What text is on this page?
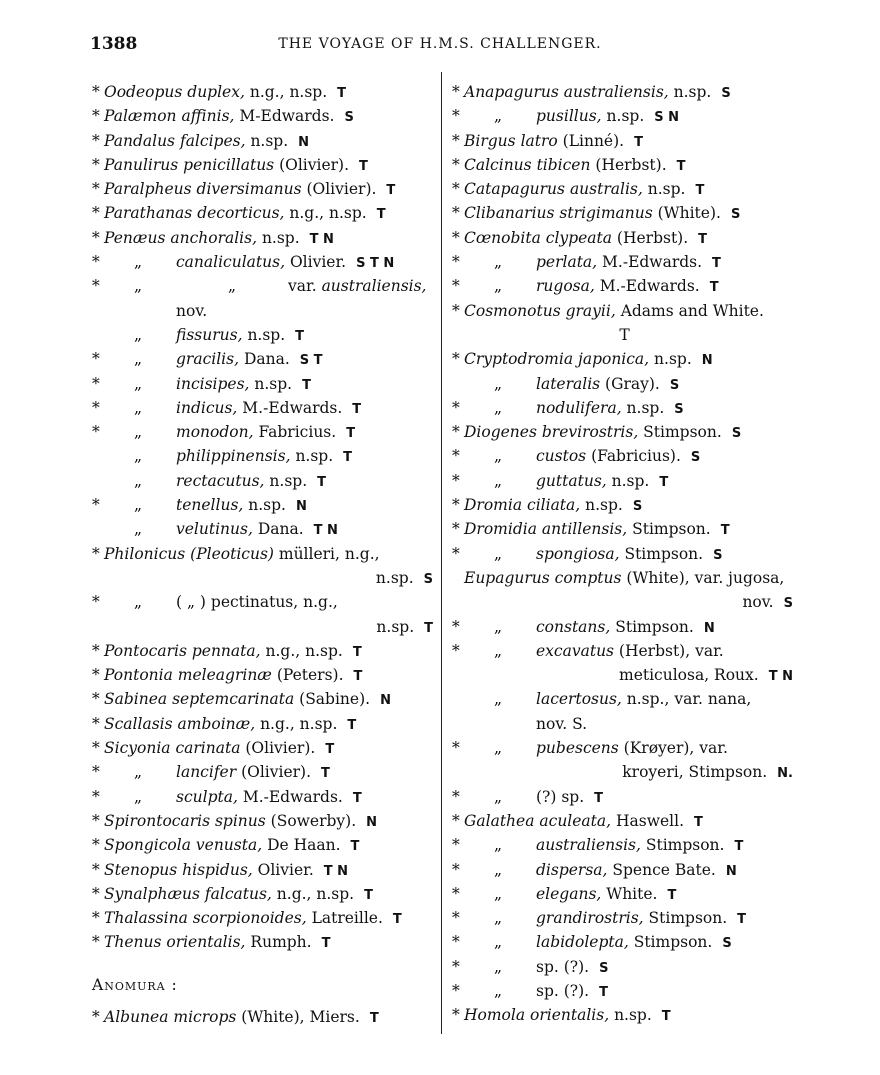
1388	THE VOYAGE OF H.M.S. CHALLENGER.
* Oodeopus duplex, n.g., n.sp. T
* Palæmon affinis, M-Edwards. S
* Pandalus falcipes, n.sp. N
* Panulirus penicillatus (Olivier). T
* Paralpheus diversimanus (Olivier). T
* Parathanas decorticus, n.g., n.sp. T
* Penæus anchoralis, n.sp. T N
* „ canaliculatus, Olivier. S T N
* „	„	var. australiensis,
nov.
„ fissurus, n.sp. T
* „ gracilis, Dana. S T
* „ incisipes, n.sp. T
* „ indicus, M.-Edwards. T
* „ monodon, Fabricius. T
„ philippinensis, n.sp. T
„ rectacutus, n.sp. T
* „ tenellus, n.sp. N
„ velutinus, Dana. T N
* Philonicus (Pleoticus) mülleri, n.g.,
n.sp. S
* „ ( „ ) pectinatus, n.g.,
n.sp. T
* Pontocaris pennata, n.g., n.sp. T
* Pontonia meleagrinæ (Peters). T
* Sabinea septemcarinata (Sabine). N
* Scallasis amboinæ, n.g., n.sp. T
* Sicyonia carinata (Olivier). T
* „ lancifer (Olivier). T
* „ sculpta, M.-Edwards. T
* Spirontocaris spinus (Sowerby). N
* Spongicola venusta, De Haan. T
* Stenopus hispidus, Olivier. T N
* Synalphæus falcatus, n.g., n.sp. T
* Thalassina scorpionoides, Latreille. T
* Thenus orientalis, Rumph. T
Anomura :
* Albunea microps (White), Miers. T
* Anapagurus australiensis, n.sp. S
* „ pusillus, n.sp. S N
* Birgus latro (Linné). T
* Calcinus tibicen (Herbst). T
* Catapagurus australis, n.sp. T
* Clibanarius strigimanus (White). S
* Cœnobita clypeata (Herbst). T
* „ perlata, M.-Edwards. T
* „ rugosa, M.-Edwards. T
* Cosmonotus grayii, Adams and White.
T
* Cryptodromia japonica, n.sp. N
„ lateralis (Gray). S
* „ nodulifera, n.sp. S
* Diogenes brevirostris, Stimpson. S
* „ custos (Fabricius). S
* „ guttatus, n.sp. T
* Dromia ciliata, n.sp. S
* Dromidia antillensis, Stimpson. T
* „ spongiosa, Stimpson. S
Eupagurus comptus (White), var. jugosa,
nov. S
* „ constans, Stimpson. N
* „ excavatus (Herbst), var.
meticulosa, Roux. T N
„ lacertosus, n.sp., var. nana,
nov. S.
* „ pubescens (Krøyer), var.
kroyeri, Stimpson. N.
* „ (?) sp. T
* Galathea aculeata, Haswell. T
* „ australiensis, Stimpson. T
* „ dispersa, Spence Bate. N
* „ elegans, White. T
* „ grandirostris, Stimpson. T
* „ labidolepta, Stimpson. S
* „ sp. (?). S
* „ sp. (?). T
* Homola orientalis, n.sp. T
